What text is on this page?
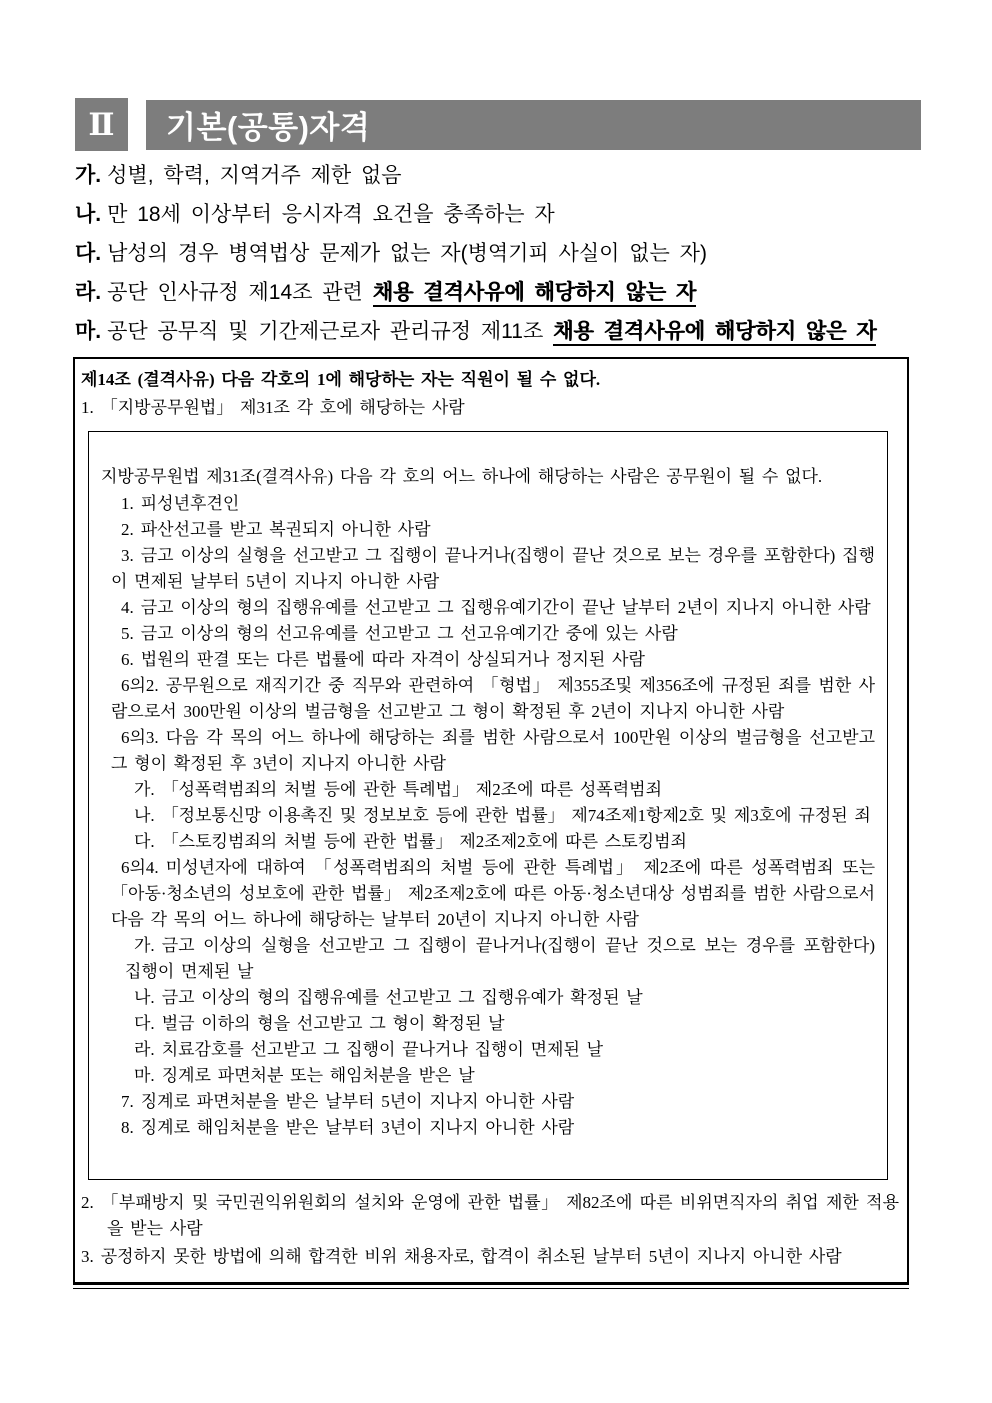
Ⅱ	기본(공통)자격

가. 성별, 학력, 지역거주 제한 없음

나. 만 18세 이상부터 응시자격 요건을 충족하는 자

다. 남성의 경우 병역법상 문제가 없는 자(병역기피 사실이 없는 자)

라. 공단 인사규정 제14조 관련 채용 결격사유에 해당하지 않는 자

마. 공단 공무직 및 기간제근로자 관리규정 제11조 채용 결격사유에 해당하지 않은 자

제14조 (결격사유) 다음 각호의 1에 해당하는 자는 직원이 될 수 없다.

1. 「지방공무원법」 제31조 각 호에 해당하는 사람

지방공무원법 제31조(결격사유) 다음 각 호의 어느 하나에 해당하는 사람은 공무원이 될 수 없다.

1. 피성년후견인

2. 파산선고를 받고 복권되지 아니한 사람

3. 금고 이상의 실형을 선고받고 그 집행이 끝나거나(집행이 끝난 것으로 보는 경우를 포함한다) 집행이 면제된 날부터 5년이 지나지 아니한 사람

4. 금고 이상의 형의 집행유예를 선고받고 그 집행유예기간이 끝난 날부터 2년이 지나지 아니한 사람

5. 금고 이상의 형의 선고유예를 선고받고 그 선고유예기간 중에 있는 사람

6. 법원의 판결 또는 다른 법률에 따라 자격이 상실되거나 정지된 사람

6의2. 공무원으로 재직기간 중 직무와 관련하여 「형법」 제355조및 제356조에 규정된 죄를 범한 사람으로서 300만원 이상의 벌금형을 선고받고 그 형이 확정된 후 2년이 지나지 아니한 사람

6의3. 다음 각 목의 어느 하나에 해당하는 죄를 범한 사람으로서 100만원 이상의 벌금형을 선고받고 그 형이 확정된 후 3년이 지나지 아니한 사람

가. 「성폭력범죄의 처벌 등에 관한 특례법」 제2조에 따른 성폭력범죄

나. 「정보통신망 이용촉진 및 정보보호 등에 관한 법률」 제74조제1항제2호 및 제3호에 규정된 죄

다. 「스토킹범죄의 처벌 등에 관한 법률」 제2조제2호에 따른 스토킹범죄

6의4. 미성년자에 대하여 「성폭력범죄의 처벌 등에 관한 특례법」 제2조에 따른 성폭력범죄 또는 「아동·청소년의 성보호에 관한 법률」 제2조제2호에 따른 아동·청소년대상 성범죄를 범한 사람으로서 다음 각 목의 어느 하나에 해당하는 날부터 20년이 지나지 아니한 사람

가. 금고 이상의 실형을 선고받고 그 집행이 끝나거나(집행이 끝난 것으로 보는 경우를 포함한다) 집행이 면제된 날

나. 금고 이상의 형의 집행유예를 선고받고 그 집행유예가 확정된 날

다. 벌금 이하의 형을 선고받고 그 형이 확정된 날

라. 치료감호를 선고받고 그 집행이 끝나거나 집행이 면제된 날

마. 징계로 파면처분 또는 해임처분을 받은 날

7. 징계로 파면처분을 받은 날부터 5년이 지나지 아니한 사람

8. 징계로 해임처분을 받은 날부터 3년이 지나지 아니한 사람

2. 「부패방지 및 국민권익위원회의 설치와 운영에 관한 법률」 제82조에 따른 비위면직자의 취업 제한 적용을 받는 사람

3. 공정하지 못한 방법에 의해 합격한 비위 채용자로, 합격이 취소된 날부터 5년이 지나지 아니한 사람
